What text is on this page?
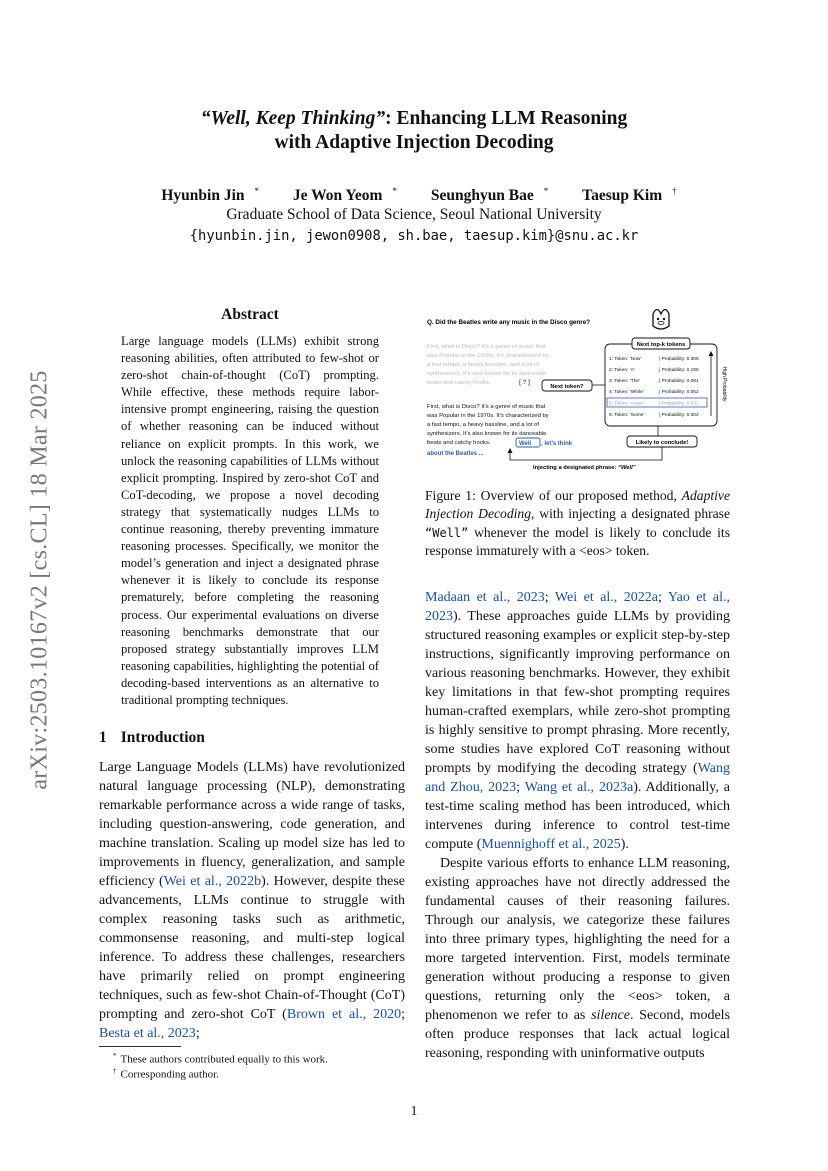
“Well, Keep Thinking”: Enhancing LLM Reasoning
with Adaptive Injection Decoding
Hyunbin Jin * Je Won Yeom * Seunghyun Bae * Taesup Kim †
Graduate School of Data Science, Seoul National University
{hyunbin.jin, jewon0908, sh.bae, taesup.kim}@snu.ac.kr
arXiv:2503.10167v2 [cs.CL] 18 Mar 2025
Abstract
Large language models (LLMs) exhibit strong reasoning abilities, often attributed to few-shot or zero-shot chain-of-thought (CoT) prompting. While effective, these methods require labor-intensive prompt engineering, raising the question of whether reasoning can be induced without reliance on explicit prompts. In this work, we unlock the reasoning capabilities of LLMs without explicit prompting. Inspired by zero-shot CoT and CoT-decoding, we propose a novel decoding strategy that systematically nudges LLMs to continue reasoning, thereby preventing immature reasoning processes. Specifically, we monitor the model’s generation and inject a designated phrase whenever it is likely to conclude its response prematurely, before completing the reasoning process. Our experimental evaluations on diverse reasoning benchmarks demonstrate that our proposed strategy substantially improves LLM reasoning capabilities, highlighting the potential of decoding-based interventions as an alternative to traditional prompting techniques.
1 Introduction
Large Language Models (LLMs) have revolutionized natural language processing (NLP), demonstrating remarkable performance across a wide range of tasks, including question-answering, code generation, and machine translation. Scaling up model size has led to improvements in fluency, generalization, and sample efficiency (Wei et al., 2022b). However, despite these advancements, LLMs continue to struggle with complex reasoning tasks such as arithmetic, commonsense reasoning, and multi-step logical inference. To address these challenges, researchers have primarily relied on prompt engineering techniques, such as few-shot Chain-of-Thought (CoT) prompting and zero-shot CoT (Brown et al., 2020; Besta et al., 2023;
* These authors contributed equally to this work.
† Corresponding author.
Q. Did the Beatles write any music in the Disco genre?
First, what is Disco? It’s a genre of music that
was Popular in the 1970s. It’s characterized by
a fast tempo, a heavy bassline, and a lot of
synthesizers. It’s also known for its danceable
beats and catchy hooks.	[ ? ]
Next token?
First, what is Disco? It’s a genre of music that
was Popular in the 1970s. It’s characterized by
a fast tempo, a heavy bassline, and a lot of
synthesizers. It’s also known for its danceable
beats and catchy hooks.	Well , let’s think
about the Beatles ...
Next top-k tokens
1: Token: ‘Now’	| Probability: 0.305
2: Token: ‘A’	| Probability: 0.196
3: Token: ‘The’	| Probability: 0.081
4: Token: ‘While’	| Probability: 0.052
5: Token: ‘<eos>’	| Probability: 0.031
6: Token: ‘Some’	| Probability: 0.002
High Probability
Likely to conclude!
Injecting a designated phrase: “Well”
Figure 1: Overview of our proposed method, Adaptive Injection Decoding, with injecting a designated phrase “Well” whenever the model is likely to conclude its response immaturely with a <eos> token.

Madaan et al., 2023; Wei et al., 2022a; Yao et al., 2023). These approaches guide LLMs by providing structured reasoning examples or explicit step-by-step instructions, significantly improving performance on various reasoning benchmarks. However, they exhibit key limitations in that few-shot prompting requires human-crafted exemplars, while zero-shot prompting is highly sensitive to prompt phrasing. More recently, some studies have explored CoT reasoning without prompts by modifying the decoding strategy (Wang and Zhou, 2023; Wang et al., 2023a). Additionally, a test-time scaling method has been introduced, which intervenes during inference to control test-time compute (Muennighoff et al., 2025).

Despite various efforts to enhance LLM reasoning, existing approaches have not directly addressed the fundamental causes of their reasoning failures. Through our analysis, we categorize these failures into three primary types, highlighting the need for a more targeted intervention. First, models terminate generation without producing a response to given questions, returning only the <eos> token, a phenomenon we refer to as silence. Second, models often produce responses that lack actual logical reasoning, responding with uninformative outputs

1
